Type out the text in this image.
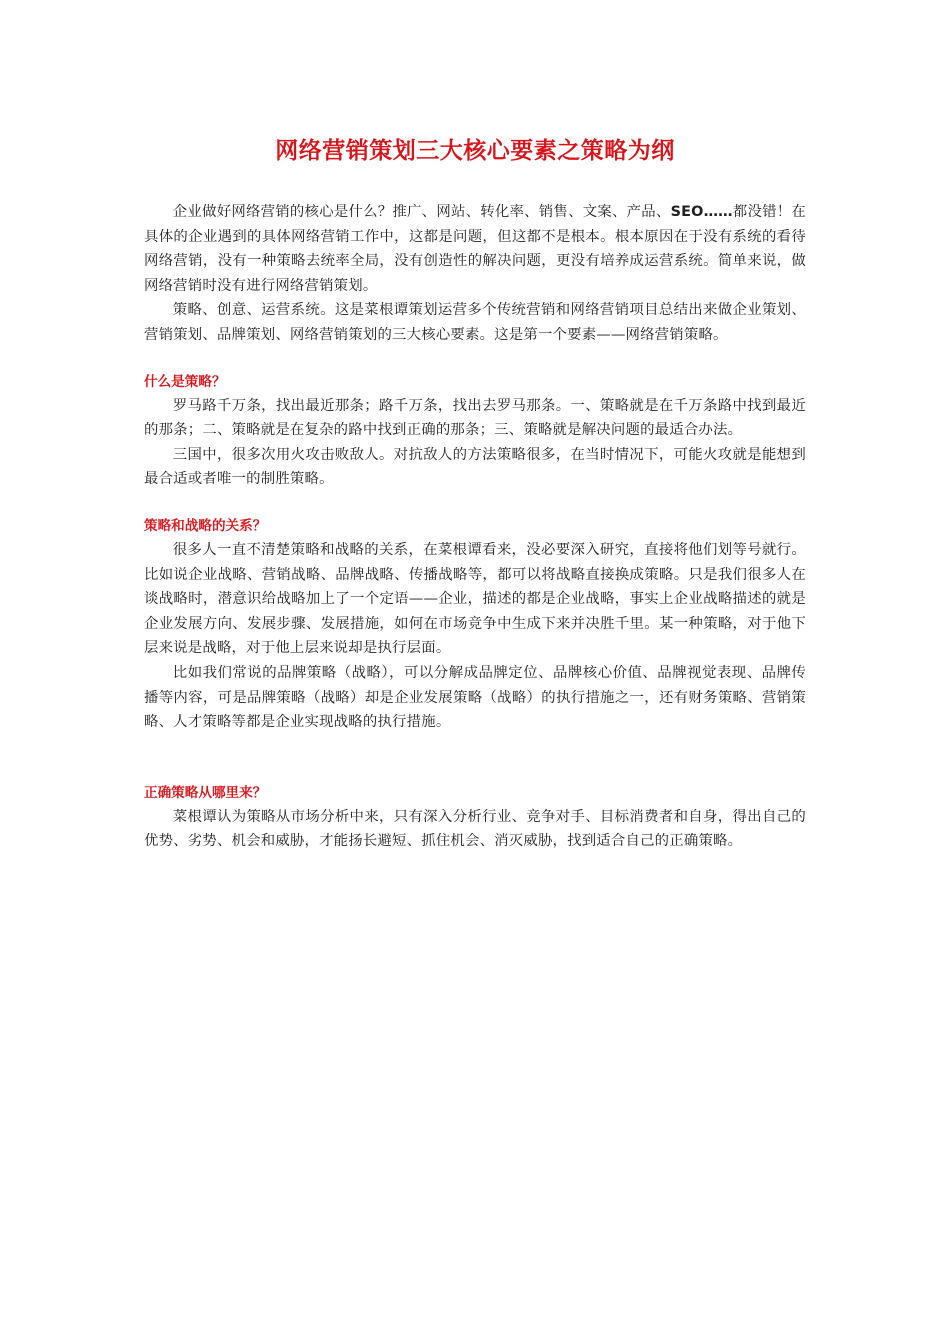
网络营销策划三大核心要素之策略为纲

企业做好网络营销的核心是什么？推广、网站、转化率、销售、文案、产品、SEO……都没错！在具体的企业遇到的具体网络营销工作中，这都是问题，但这都不是根本。根本原因在于没有系统的看待网络营销，没有一种策略去统率全局，没有创造性的解决问题，更没有培养成运营系统。简单来说，做网络营销时没有进行网络营销策划。

策略、创意、运营系统。这是菜根谭策划运营多个传统营销和网络营销项目总结出来做企业策划、营销策划、品牌策划、网络营销策划的三大核心要素。这是第一个要素——网络营销策略。

什么是策略？

罗马路千万条，找出最近那条；路千万条，找出去罗马那条。一、策略就是在千万条路中找到最近的那条；二、策略就是在复杂的路中找到正确的那条；三、策略就是解决问题的最适合办法。

三国中，很多次用火攻击败敌人。对抗敌人的方法策略很多，在当时情况下，可能火攻就是能想到最合适或者唯一的制胜策略。

策略和战略的关系？

很多人一直不清楚策略和战略的关系，在菜根谭看来，没必要深入研究，直接将他们划等号就行。比如说企业战略、营销战略、品牌战略、传播战略等，都可以将战略直接换成策略。只是我们很多人在谈战略时，潜意识给战略加上了一个定语——企业，描述的都是企业战略，事实上企业战略描述的就是企业发展方向、发展步骤、发展措施，如何在市场竞争中生成下来并决胜千里。某一种策略，对于他下层来说是战略，对于他上层来说却是执行层面。

比如我们常说的品牌策略（战略），可以分解成品牌定位、品牌核心价值、品牌视觉表现、品牌传播等内容，可是品牌策略（战略）却是企业发展策略（战略）的执行措施之一，还有财务策略、营销策略、人才策略等都是企业实现战略的执行措施。

正确策略从哪里来？

菜根谭认为策略从市场分析中来，只有深入分析行业、竞争对手、目标消费者和自身，得出自己的优势、劣势、机会和威胁，才能扬长避短、抓住机会、消灭威胁，找到适合自己的正确策略。
